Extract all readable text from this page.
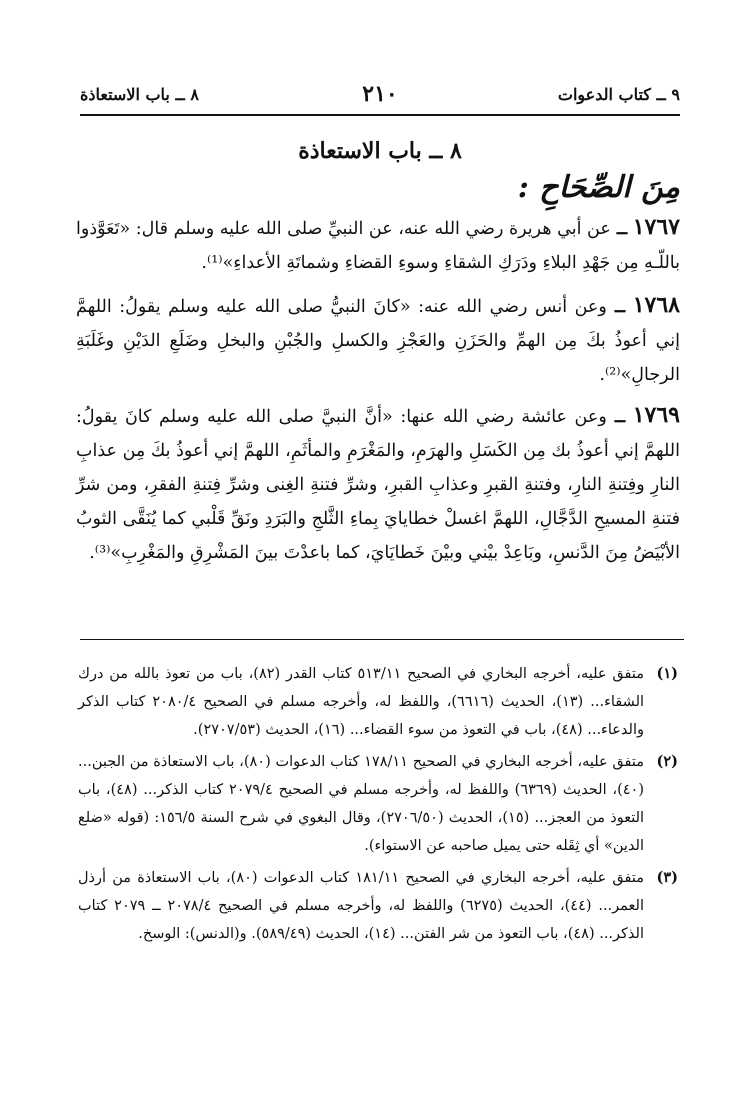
٩ ــ كتاب الدعوات
٢١٠
٨ ــ باب الاستعاذة
٨ ــ باب الاستعاذة
مِنَ الصِّحَاحِ :

١٧٦٧ ــ عن أبي هريرة رضي الله عنه، عن النبيِّ صلى الله عليه وسلم قال: «تَعَوَّذوا باللّـهِ مِن جَهْدِ البلاءِ ودَرَكِ الشقاءِ وسوءِ القضاءِ وشماتَةِ الأعداءِ»⁽¹⁾.

١٧٦٨ ــ وعن أنس رضي الله عنه: «كانَ النبيُّ صلى الله عليه وسلم يقولُ: اللهمَّ إني أعوذُ بكَ مِن الهمِّ والحَزَنِ والعَجْزِ والكسلِ والجُبْنِ والبخلِ وضَلَعِ الدَيْنِ وغَلَبَةِ الرجالِ»⁽²⁾.

١٧٦٩ ــ وعن عائشة رضي الله عنها: «أنَّ النبيَّ صلى الله عليه وسلم كانَ يقولُ: اللهمَّ إني أعوذُ بك مِن الكَسَلِ والهرَمِ، والمَغْرَمِ والمأثَمِ، اللهمَّ إني أعوذُ بكَ مِن عذابِ النارِ وفِتنةِ النارِ، وفتنةِ القبرِ وعذابِ القبرِ، وشرِّ فتنةِ الغِنى وشرِّ فِتنةِ الفقرِ، ومن شرِّ فتنةِ المسيحِ الدَّجَّالِ، اللهمَّ اغسلْ خطايايَ بِماءِ الثَّلجِ والبَرَدِ ونَقِّ قَلْبي كما يُنَقَّى الثوبُ الأبْيَضُ مِنَ الدَّنسِ، وبَاعِدْ بيْني وبيْنَ خَطايَايَ، كما باعدْتَ بينَ المَشْرِقِ والمَغْرِبِ»⁽³⁾.

(١)
متفق عليه، أخرجه البخاري في الصحيح ٥١٣/١١ كتاب القدر (٨٢)، باب من تعوذ بالله من درك الشقاء... (١٣)، الحديث (٦٦١٦)، واللفظ له، وأخرجه مسلم في الصحيح ٢٠٨٠/٤ كتاب الذكر والدعاء... (٤٨)، باب في التعوذ من سوء القضاء... (١٦)، الحديث (٢٧٠٧/٥٣).
(٢)
متفق عليه، أخرجه البخاري في الصحيح ١٧٨/١١ كتاب الدعوات (٨٠)، باب الاستعاذة من الجبن... (٤٠)، الحديث (٦٣٦٩) واللفظ له، وأخرجه مسلم في الصحيح ٢٠٧٩/٤ كتاب الذكر... (٤٨)، باب التعوذ من العجز... (١٥)، الحديث (٢٧٠٦/٥٠)، وقال البغوي في شرح السنة ١٥٦/٥: (قوله «ضلع الدين» أي ثِقَله حتى يميل صاحبه عن الاستواء).
(٣)
متفق عليه، أخرجه البخاري في الصحيح ١٨١/١١ كتاب الدعوات (٨٠)، باب الاستعاذة من أرذل العمر... (٤٤)، الحديث (٦٢٧٥) واللفظ له، وأخرجه مسلم في الصحيح ٢٠٧٨/٤ ــ ٢٠٧٩ كتاب الذكر... (٤٨)، باب التعوذ من شر الفتن... (١٤)، الحديث (٥٨٩/٤٩). و(الدنس): الوسخ.
